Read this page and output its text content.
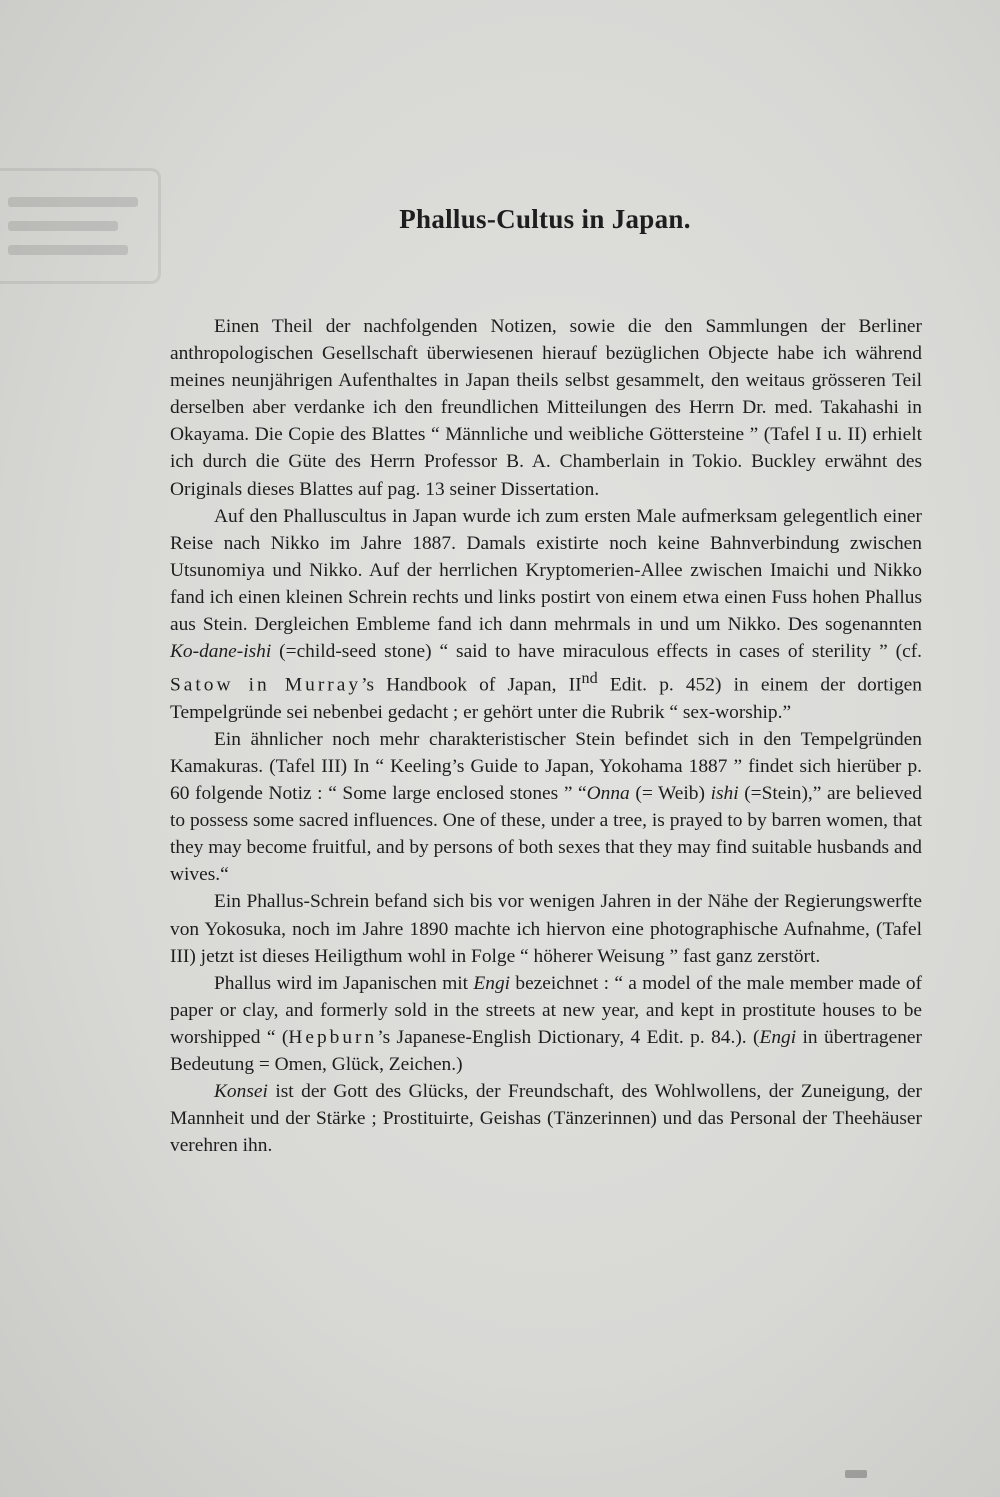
Phallus-Cultus in Japan.

Einen Theil der nachfolgenden Notizen, sowie die den Sammlungen der Berliner anthropologischen Gesellschaft überwiesenen hierauf bezüglichen Objecte habe ich während meines neunjährigen Aufenthaltes in Japan theils selbst gesammelt, den weitaus grösseren Teil derselben aber verdanke ich den freundlichen Mitteilungen des Herrn Dr. med. Takahashi in Okayama. Die Copie des Blattes “ Männliche und weibliche Göttersteine ” (Tafel I u. II) erhielt ich durch die Güte des Herrn Professor B. A. Chamberlain in Tokio. Buckley erwähnt des Originals dieses Blattes auf pag. 13 seiner Dissertation.

Auf den Phalluscultus in Japan wurde ich zum ersten Male aufmerksam gelegentlich einer Reise nach Nikko im Jahre 1887. Damals existirte noch keine Bahnverbindung zwischen Utsunomiya und Nikko. Auf der herrlichen Kryptomerien-Allee zwischen Imaichi und Nikko fand ich einen kleinen Schrein rechts und links postirt von einem etwa einen Fuss hohen Phallus aus Stein. Dergleichen Embleme fand ich dann mehrmals in und um Nikko. Des sogenannten Ko-dane-ishi (=child-seed stone) “ said to have miraculous effects in cases of sterility ” (cf. Satow in Murray’s Handbook of Japan, IInd Edit. p. 452) in einem der dortigen Tempelgründe sei nebenbei gedacht ; er gehört unter die Rubrik “ sex-worship.”

Ein ähnlicher noch mehr charakteristischer Stein befindet sich in den Tempelgründen Kamakuras. (Tafel III) In “ Keeling’s Guide to Japan, Yokohama 1887 ” findet sich hierüber p. 60 folgende Notiz : “ Some large enclosed stones ” “Onna (= Weib) ishi (=Stein),” are believed to possess some sacred influences. One of these, under a tree, is prayed to by barren women, that they may become fruitful, and by persons of both sexes that they may find suitable husbands and wives.“

Ein Phallus-Schrein befand sich bis vor wenigen Jahren in der Nähe der Regierungswerfte von Yokosuka, noch im Jahre 1890 machte ich hiervon eine photographische Aufnahme, (Tafel III) jetzt ist dieses Heiligthum wohl in Folge “ höherer Weisung ” fast ganz zerstört.

Phallus wird im Japanischen mit Engi bezeichnet : “ a model of the male member made of paper or clay, and formerly sold in the streets at new year, and kept in prostitute houses to be worshipped “ (Hepburn’s Japanese-English Dictionary, 4 Edit. p. 84.). (Engi in übertragener Bedeutung = Omen, Glück, Zeichen.)

Konsei ist der Gott des Glücks, der Freundschaft, des Wohlwollens, der Zuneigung, der Mannheit und der Stärke ; Prostituirte, Geishas (Tänzerinnen) und das Personal der Theehäuser verehren ihn.
